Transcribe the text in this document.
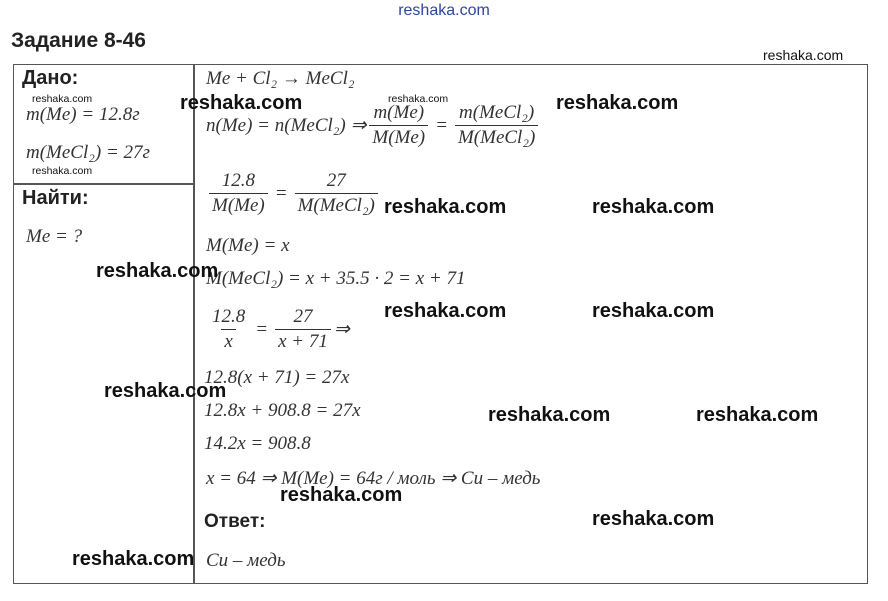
reshaka.com
Задание 8-46
reshaka.com
Дано:
reshaka.com
m(Me) = 12.8г
m(MeCl₂) = 27г
reshaka.com
Найти:
Me = ?
Me + Cl₂ → MeCl₂
reshaka.com
n(Me) = n(MeCl₂) ⇒ $\frac{m(Me)}{M(Me)} = \frac{\text{m(MeCl₂)}}{\text{M(MeCl₂)}}$
$\frac{12.8}{M(Me)} = \frac{27}{\text{M(MeCl₂)}}$
M(Me) = x
M(MeCl₂) = x + 35.5 · 2 = x + 71
$\frac{12.8}{x} = \frac{27}{x + 71}$ ⇒
12.8(x + 71) = 27x
12.8x + 908.8 = 27x
14.2x = 908.8
x = 64 ⇒ M(Me) = 64г / моль ⇒ Cu – медь
Ответ:
Cu – медь
reshaka.com	reshaka.com
reshaka.com	reshaka.com
reshaka.com
reshaka.com	reshaka.com
reshaka.com
reshaka.com	reshaka.com
reshaka.com
reshaka.com
reshaka.com
